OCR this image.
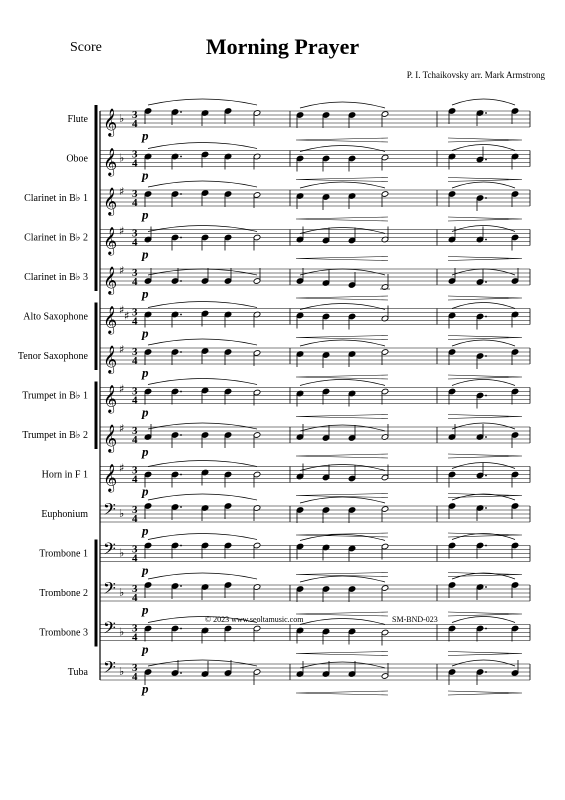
Score	Morning Prayer
P. I. Tchaikovsky arr. Mark Armstrong
Flute 𝄞 ♭ 3
4
p
Oboe 𝄞 ♭ 3
4
p
Clarinet in B♭ 1 𝄞 ♯ 3
4
p
Clarinet in B♭ 2 𝄞 ♯ 3
4
p
Clarinet in B♭ 3 𝄞 ♯ 3
4
p
Alto Saxophone 𝄞 ♯ ♯ 3
4
p
Tenor Saxophone 𝄞 ♯ 3
4
p
Trumpet in B♭ 1 𝄞 ♯ 3
4
p
Trumpet in B♭ 2 𝄞 ♯ 3
4
p
Horn in F 1 𝄞 ♯ 3
4
p
Euphonium 𝄢 ♭ 3
4
p
Trombone 1 𝄢 ♭ 3
4
p
Trombone 2 𝄢 ♭ 3
4
p
Trombone 3 𝄢 ♭ 3
4
p
Tuba 𝄢 ♭ 3
4
p
© 2023 www.seoltamusic.com	SM-BND-023
